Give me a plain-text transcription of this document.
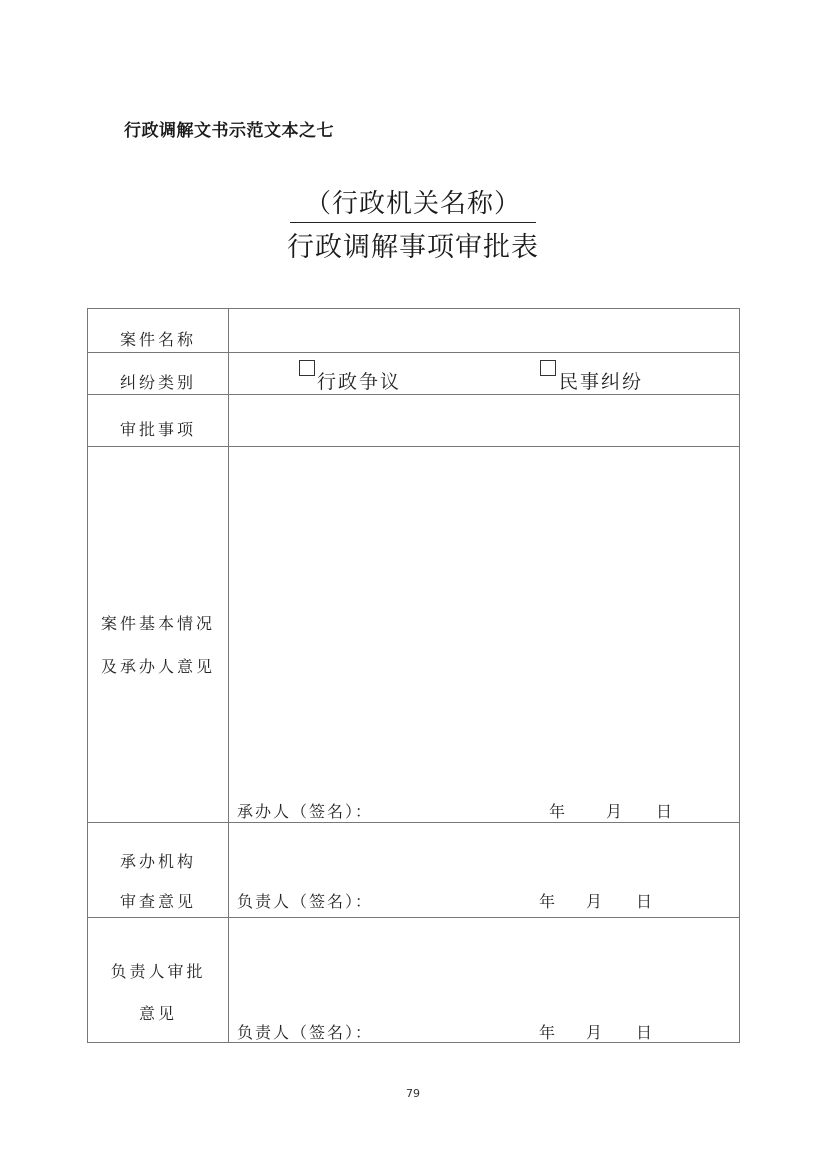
行政调解文书示范文本之七
（行政机关名称）
行政调解事项审批表
案件名称
纠纷类别	行政争议	民事纠纷
审批事项
案件基本情况
及承办人意见
承办人（签名）：	年 月 日
承办机构
审查意见	负责人（签名）：	年 月 日
负责人审批
意见
负责人（签名）：	年 月 日
79
